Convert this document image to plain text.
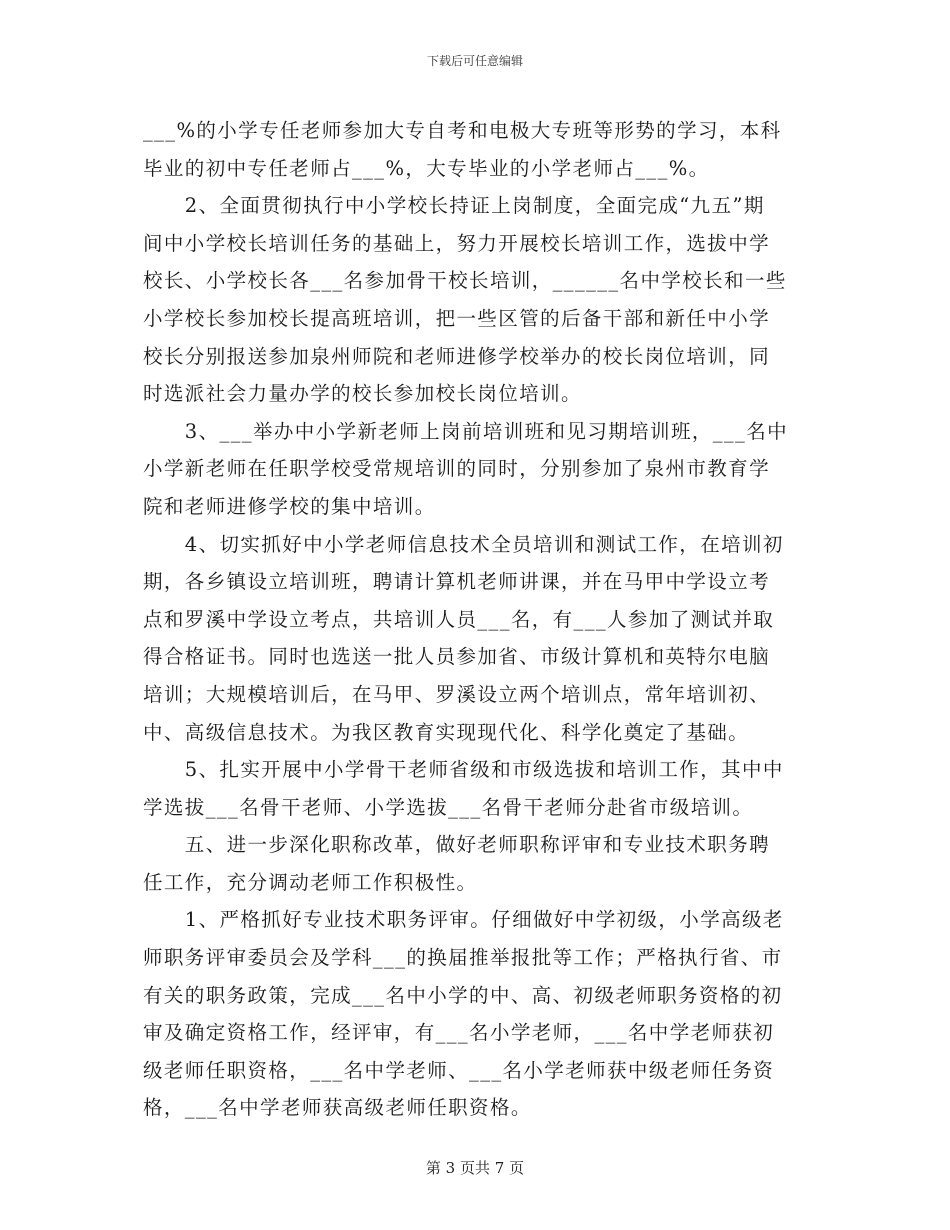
下载后可任意编辑
___%的小学专任老师参加大专自考和电极大专班等形势的学习，本科
毕业的初中专任老师占___%，大专毕业的小学老师占___%。
　　2、全面贯彻执行中小学校长持证上岗制度，全面完成“九五”期
间中小学校长培训任务的基础上，努力开展校长培训工作，选拔中学
校长、小学校长各___名参加骨干校长培训，______名中学校长和一些
小学校长参加校长提高班培训，把一些区管的后备干部和新任中小学
校长分别报送参加泉州师院和老师进修学校举办的校长岗位培训，同
时选派社会力量办学的校长参加校长岗位培训。
　　3、___举办中小学新老师上岗前培训班和见习期培训班，___名中
小学新老师在任职学校受常规培训的同时，分别参加了泉州市教育学
院和老师进修学校的集中培训。
　　4、切实抓好中小学老师信息技术全员培训和测试工作，在培训初
期，各乡镇设立培训班，聘请计算机老师讲课，并在马甲中学设立考
点和罗溪中学设立考点，共培训人员___名，有___人参加了测试并取
得合格证书。同时也选送一批人员参加省、市级计算机和英特尔电脑
培训；大规模培训后，在马甲、罗溪设立两个培训点，常年培训初、
中、高级信息技术。为我区教育实现现代化、科学化奠定了基础。
　　5、扎实开展中小学骨干老师省级和市级选拔和培训工作，其中中
学选拔___名骨干老师、小学选拔___名骨干老师分赴省市级培训。
　　五、进一步深化职称改革，做好老师职称评审和专业技术职务聘
任工作，充分调动老师工作积极性。
　　1、严格抓好专业技术职务评审。仔细做好中学初级，小学高级老
师职务评审委员会及学科___的换届推举报批等工作；严格执行省、市
有关的职务政策，完成___名中小学的中、高、初级老师职务资格的初
审及确定资格工作，经评审，有___名小学老师，___名中学老师获初
级老师任职资格，___名中学老师、___名小学老师获中级老师任务资
格，___名中学老师获高级老师任职资格。
第 3 页共 7 页
